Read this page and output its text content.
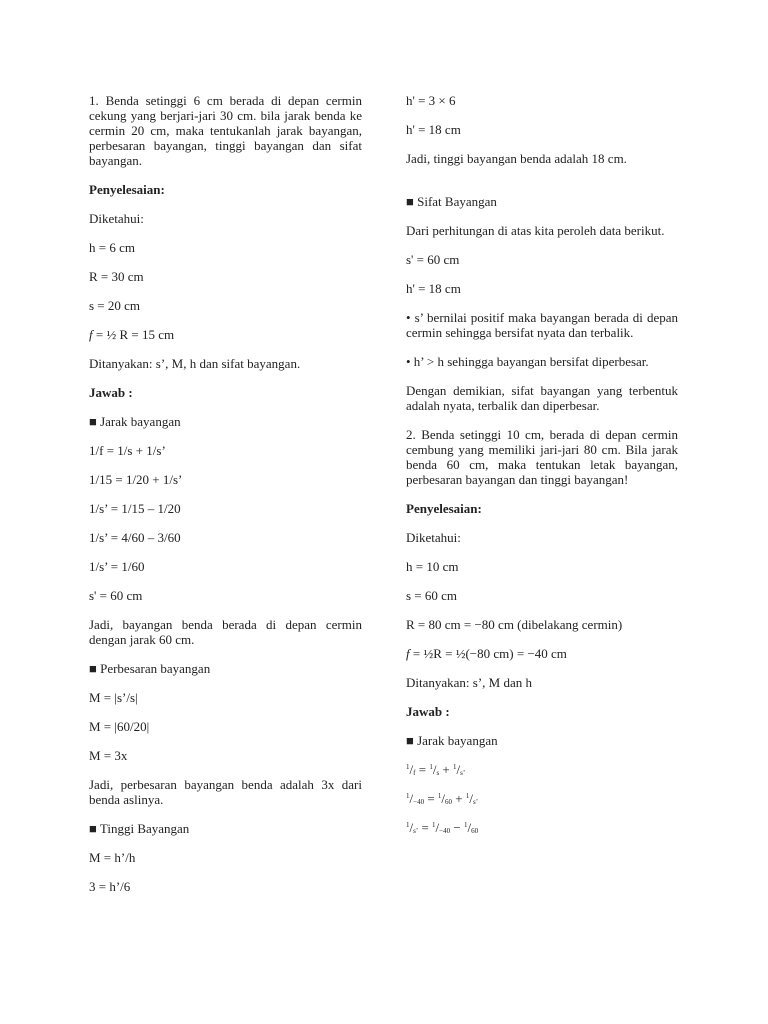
1. Benda setinggi 6 cm berada di depan cermin cekung yang berjari-jari 30 cm. bila jarak benda ke cermin 20 cm, maka tentukanlah jarak bayangan, perbesaran bayangan, tinggi bayangan dan sifat bayangan.

Penyelesaian:

Diketahui:

h = 6 cm

R = 30 cm

s = 20 cm

f = ½ R = 15 cm

Ditanyakan: s’, M, h dan sifat bayangan.

Jawab :

■ Jarak bayangan

1/f = 1/s + 1/s’

1/15 = 1/20 + 1/s’

1/s’ = 1/15 – 1/20

1/s’ = 4/60 – 3/60

1/s’ = 1/60

s' = 60 cm

Jadi, bayangan benda berada di depan cermin dengan jarak 60 cm.

■ Perbesaran bayangan

M = |s’/s|

M = |60/20|

M = 3x

Jadi, perbesaran bayangan benda adalah 3x dari benda aslinya.

■ Tinggi Bayangan

M = h’/h

3 = h’/6

h' = 3 × 6

h' = 18 cm

Jadi, tinggi bayangan benda adalah 18 cm.

■ Sifat Bayangan

Dari perhitungan di atas kita peroleh data berikut.

s' = 60 cm

h' = 18 cm

• s’ bernilai positif maka bayangan berada di depan cermin sehingga bersifat nyata dan terbalik.

• h’ > h sehingga bayangan bersifat diperbesar.

Dengan demikian, sifat bayangan yang terbentuk adalah nyata, terbalik dan diperbesar.

2. Benda setinggi 10 cm, berada di depan cermin cembung yang memiliki jari-jari 80 cm. Bila jarak benda 60 cm, maka tentukan letak bayangan, perbesaran bayangan dan tinggi bayangan!

Penyelesaian:

Diketahui:

h = 10 cm

s = 60 cm

R = 80 cm = −80 cm (dibelakang cermin)

f = ½R = ½(−80 cm) = −40 cm

Ditanyakan: s’, M dan h

Jawab :

■ Jarak bayangan

$^1/_f = ^1/_s + ^1/_{s’}$

$^1/_{-40} = ^1/_{60} + ^1/_{s’}$

$^1/_{s’} = ^1/_{-40} - ^1/_{60}$
